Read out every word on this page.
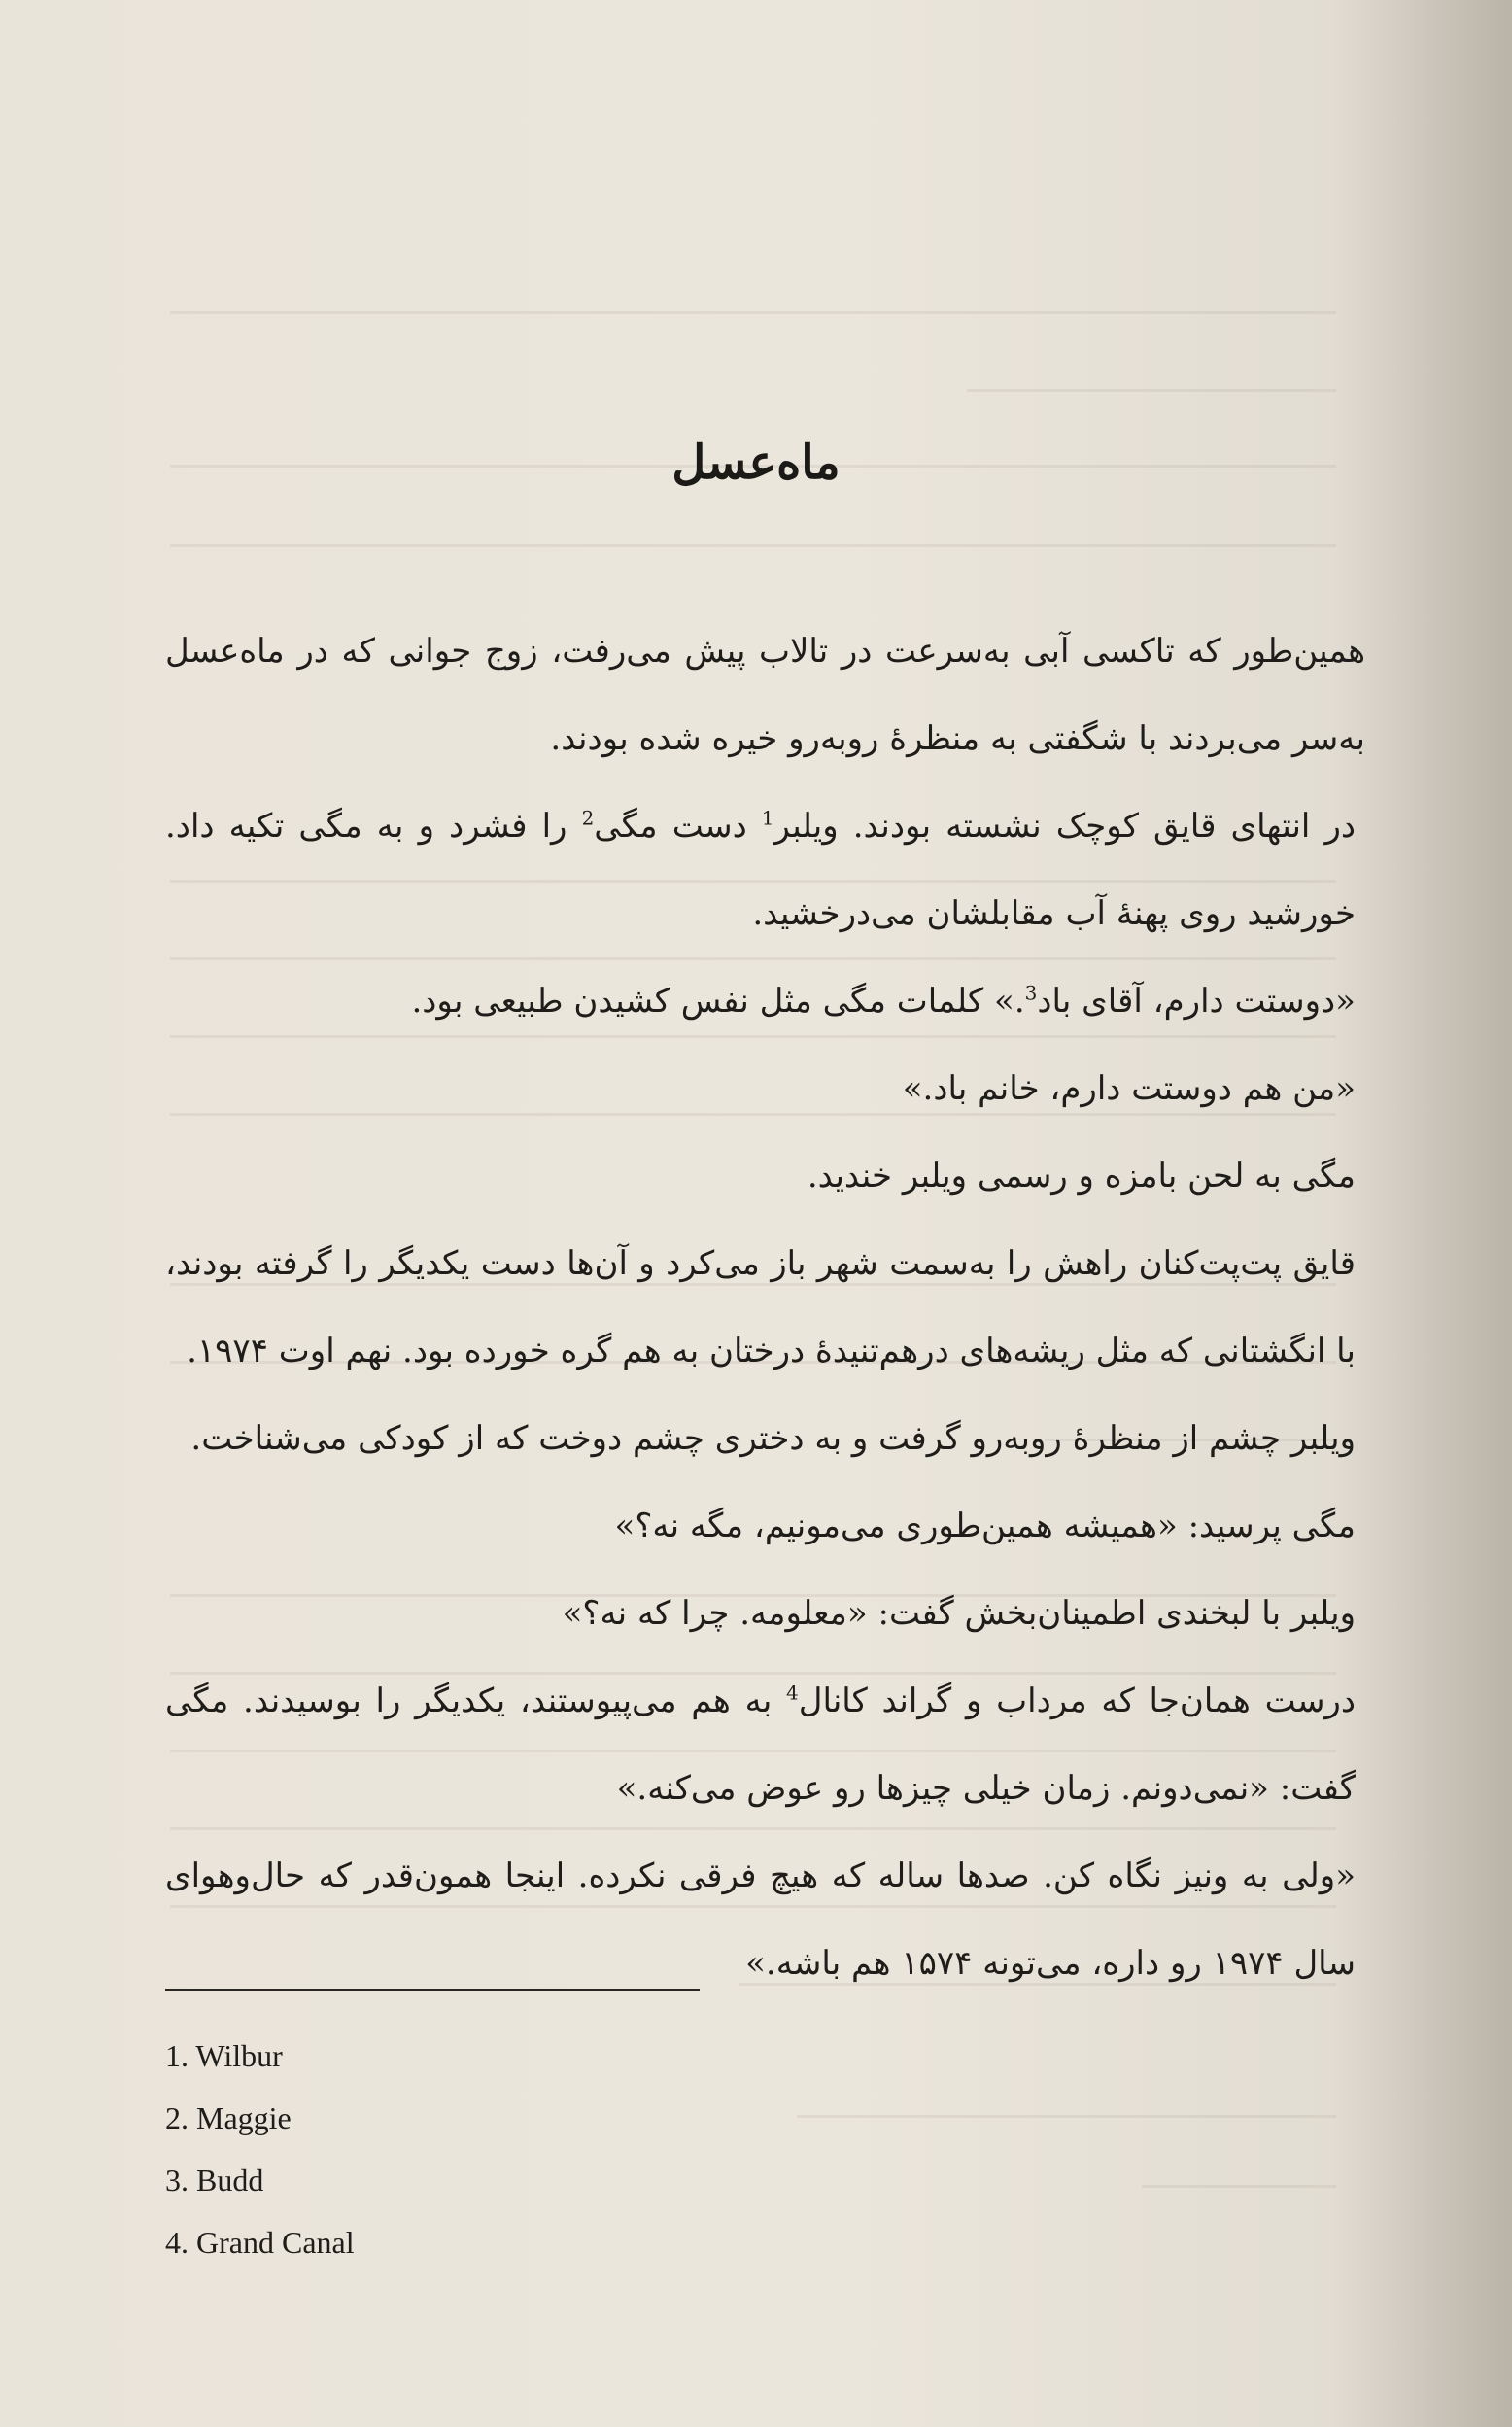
ماه‌عسل

همین‌طور که تاکسی آبی به‌سرعت در تالاب پیش می‌رفت، زوج جوانی که در ماه‌عسل به‌سر می‌بردند با شگفتی به منظرهٔ روبه‌رو خیره شده بودند.

در انتهای قایق کوچک نشسته بودند. ویلبر$^1$ دست مگی$^2$ را فشرد و به مگی تکیه داد. خورشید روی پهنهٔ آب مقابلشان می‌درخشید.

«دوستت دارم، آقای باد$^3$.» کلمات مگی مثل نفس کشیدن طبیعی بود.

«من هم دوستت دارم، خانم باد.»

مگی به لحن بامزه و رسمی ویلبر خندید.

قایق پت‌پت‌کنان راهش را به‌سمت شهر باز می‌کرد و آن‌ها دست یکدیگر را گرفته بودند، با انگشتانی که مثل ریشه‌های درهم‌تنیدهٔ درختان به هم گره خورده بود. نهم اوت ۱۹۷۴.

ویلبر چشم از منظرهٔ روبه‌رو گرفت و به دختری چشم دوخت که از کودکی می‌شناخت.

مگی پرسید: «همیشه همین‌طوری می‌مونیم، مگه نه؟»

ویلبر با لبخندی اطمینان‌بخش گفت: «معلومه. چرا که نه؟»

درست همان‌جا که مرداب و گراند کانال$^4$ به هم می‌پیوستند، یکدیگر را بوسیدند. مگی گفت: «نمی‌دونم. زمان خیلی چیزها رو عوض می‌کنه.»

«ولی به ونیز نگاه کن. صدها ساله که هیچ فرقی نکرده. اینجا همون‌قدر که حال‌وهوای سال ۱۹۷۴ رو داره، می‌تونه ۱۵۷۴ هم باشه.»

1. Wilbur

2. Maggie

3. Budd

4. Grand Canal
